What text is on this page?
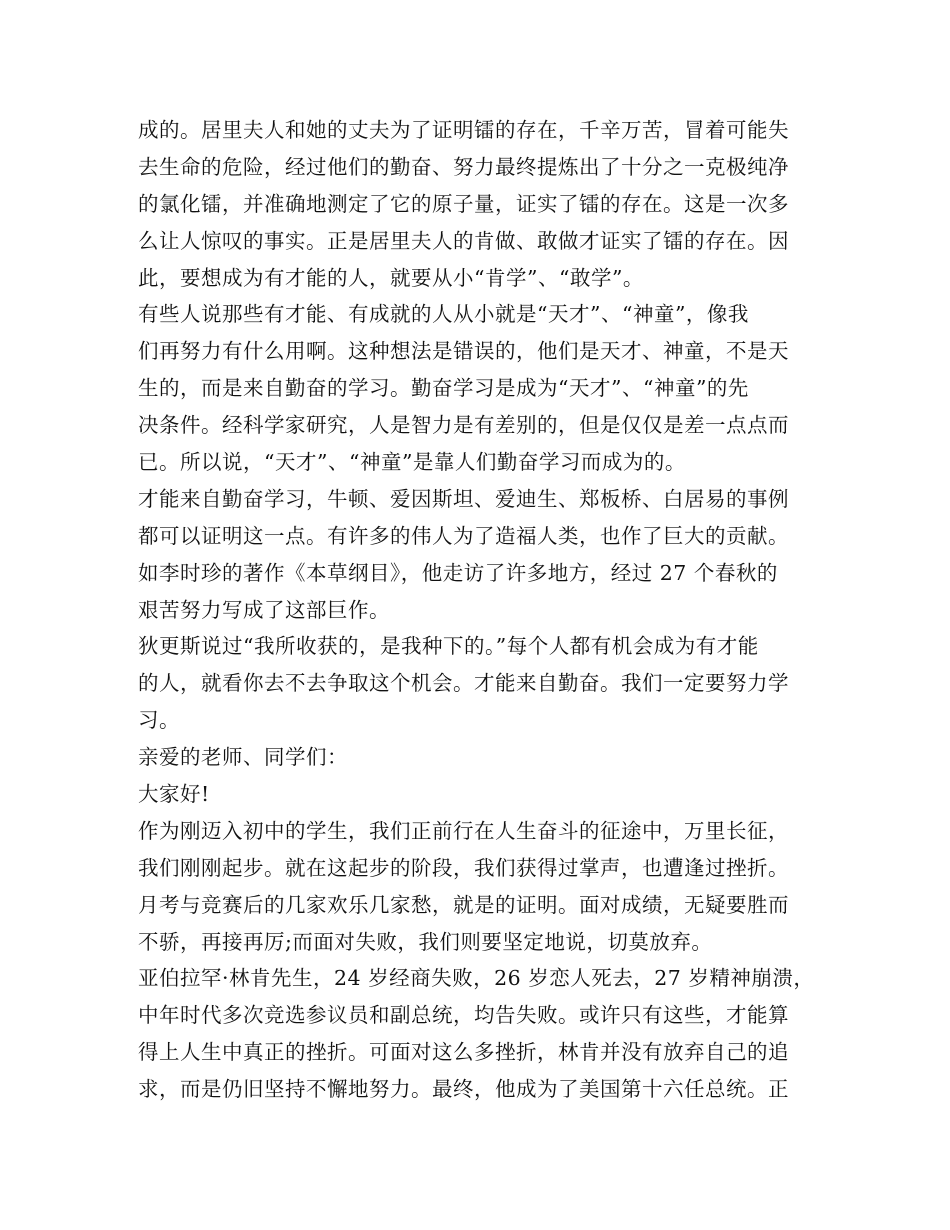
成的。居里夫人和她的丈夫为了证明镭的存在，千辛万苦，冒着可能失
去生命的危险，经过他们的勤奋、努力最终提炼出了十分之一克极纯净
的氯化镭，并准确地测定了它的原子量，证实了镭的存在。这是一次多
么让人惊叹的事实。正是居里夫人的肯做、敢做才证实了镭的存在。因
此，要想成为有才能的人，就要从小“肯学”、“敢学”。
有些人说那些有才能、有成就的人从小就是“天才”、“神童”，像我
们再努力有什么用啊。这种想法是错误的，他们是天才、神童，不是天
生的，而是来自勤奋的学习。勤奋学习是成为“天才”、“神童”的先
决条件。经科学家研究，人是智力是有差别的，但是仅仅是差一点点而
已。所以说，“天才”、“神童”是靠人们勤奋学习而成为的。
才能来自勤奋学习，牛顿、爱因斯坦、爱迪生、郑板桥、白居易的事例
都可以证明这一点。有许多的伟人为了造福人类，也作了巨大的贡献。
如李时珍的著作《本草纲目》，他走访了许多地方，经过 27 个春秋的
艰苦努力写成了这部巨作。
狄更斯说过“我所收获的，是我种下的。”每个人都有机会成为有才能
的人，就看你去不去争取这个机会。才能来自勤奋。我们一定要努力学
习。
亲爱的老师、同学们：
大家好!
作为刚迈入初中的学生，我们正前行在人生奋斗的征途中，万里长征，
我们刚刚起步。就在这起步的阶段，我们获得过掌声，也遭逢过挫折。
月考与竞赛后的几家欢乐几家愁，就是的证明。面对成绩，无疑要胜而
不骄，再接再厉;而面对失败，我们则要坚定地说，切莫放弃。
亚伯拉罕·林肯先生，24 岁经商失败，26 岁恋人死去，27 岁精神崩溃，
中年时代多次竞选参议员和副总统，均告失败。或许只有这些，才能算
得上人生中真正的挫折。可面对这么多挫折，林肯并没有放弃自己的追
求，而是仍旧坚持不懈地努力。最终，他成为了美国第十六任总统。正
